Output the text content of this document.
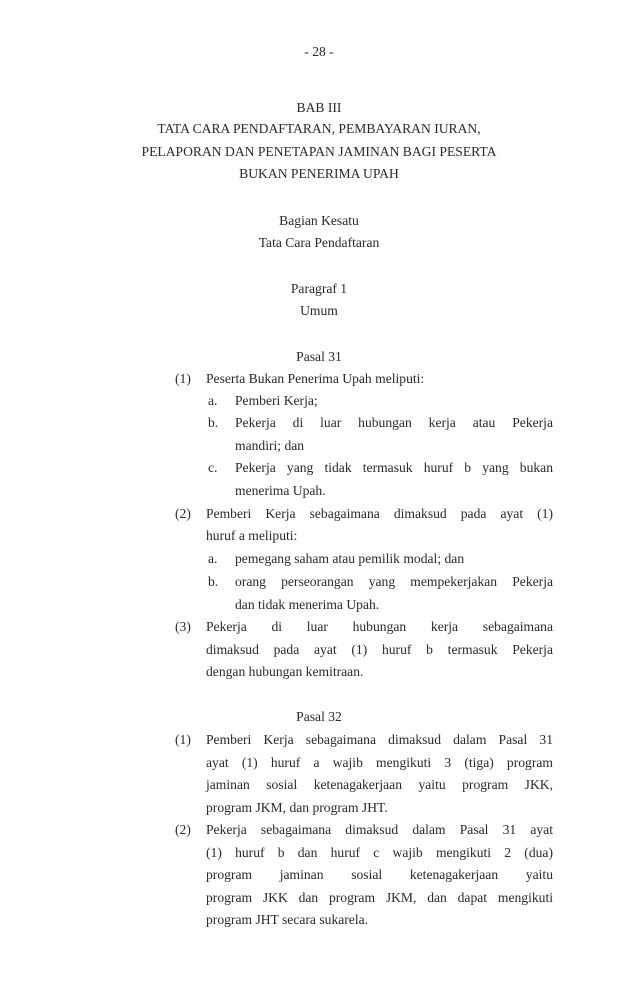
- 28 -
BAB III
TATA CARA PENDAFTARAN, PEMBAYARAN IURAN,
PELAPORAN DAN PENETAPAN JAMINAN BAGI PESERTA
BUKAN PENERIMA UPAH
Bagian Kesatu
Tata Cara Pendaftaran
Paragraf 1
Umum
Pasal 31
(1) Peserta Bukan Penerima Upah meliputi:
a. Pemberi Kerja;
b. Pekerja di luar hubungan kerja atau Pekerja
mandiri; dan
c. Pekerja yang tidak termasuk huruf b yang bukan
menerima Upah.
(2) Pemberi Kerja sebagaimana dimaksud pada ayat (1)
huruf a meliputi:
a. pemegang saham atau pemilik modal; dan
b. orang perseorangan yang mempekerjakan Pekerja
dan tidak menerima Upah.
(3) Pekerja di luar hubungan kerja sebagaimana
dimaksud pada ayat (1) huruf b termasuk Pekerja
dengan hubungan kemitraan.
Pasal 32
(1) Pemberi Kerja sebagaimana dimaksud dalam Pasal 31
ayat (1) huruf a wajib mengikuti 3 (tiga) program
jaminan sosial ketenagakerjaan yaitu program JKK,
program JKM, dan program JHT.
(2) Pekerja sebagaimana dimaksud dalam Pasal 31 ayat
(1) huruf b dan huruf c wajib mengikuti 2 (dua)
program jaminan sosial ketenagakerjaan yaitu
program JKK dan program JKM, dan dapat mengikuti
program JHT secara sukarela.
